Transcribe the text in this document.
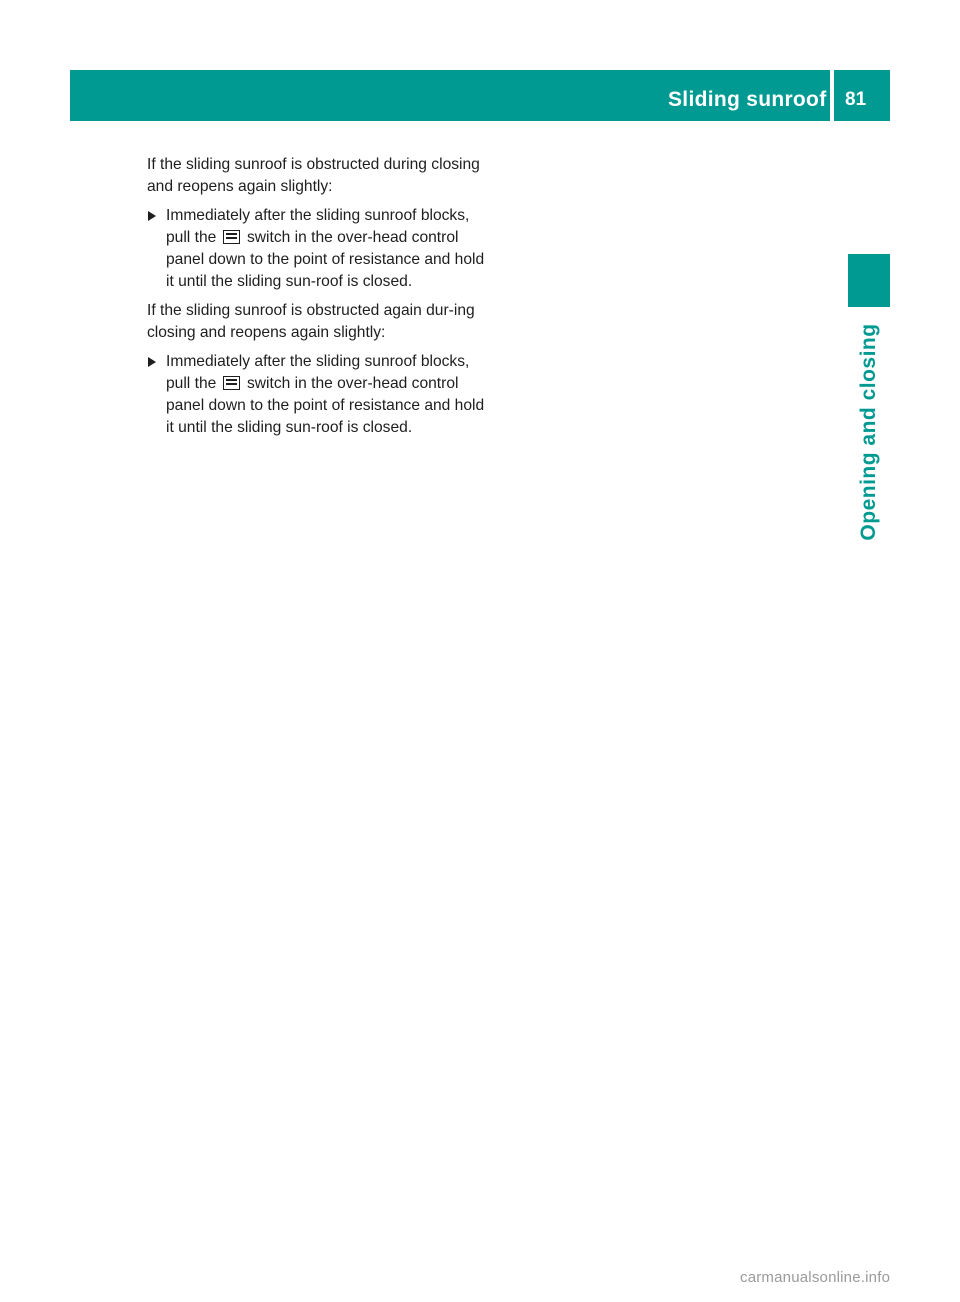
Sliding sunroof 81
Opening and closing

If the sliding sunroof is obstructed during closing and reopens again slightly:

Immediately after the sliding sunroof blocks, pull the switch in the over-head control panel down to the point of resistance and hold it until the sliding sun-roof is closed.

If the sliding sunroof is obstructed again dur-ing closing and reopens again slightly:

Immediately after the sliding sunroof blocks, pull the switch in the over-head control panel down to the point of resistance and hold it until the sliding sun-roof is closed.
carmanualsonline.info
